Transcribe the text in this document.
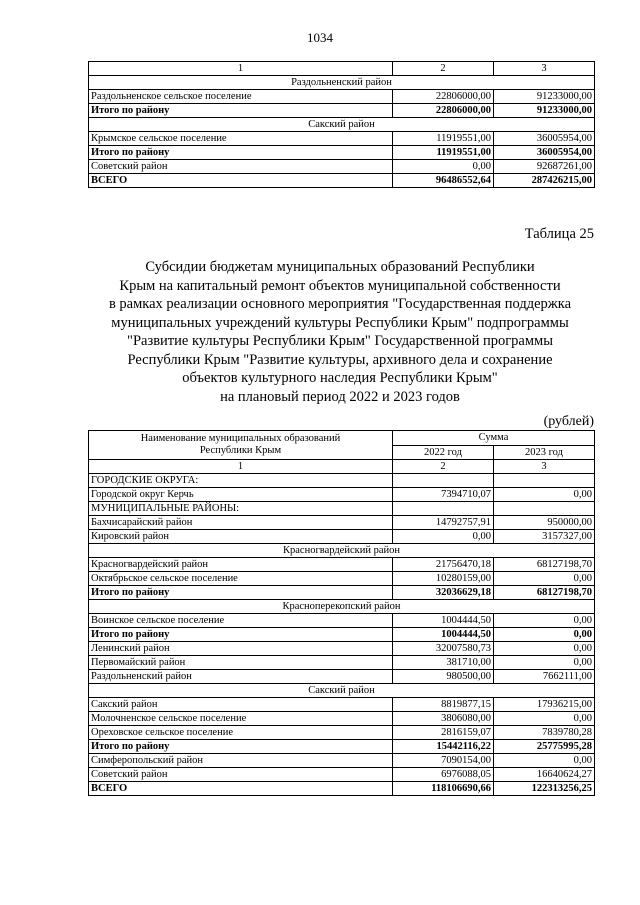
1034
1	2	3
Раздольненский район		
Раздольненское сельское поселение	22806000,00	91233000,00
Итого по району	22806000,00	91233000,00
Сакский район		
Крымское сельское поселение	11919551,00	36005954,00
Итого по району	11919551,00	36005954,00
Советский район	0,00	92687261,00
ВСЕГО	96486552,64	287426215,00
Таблица 25
Субсидии бюджетам муниципальных образований Республики
Крым на капитальный ремонт объектов муниципальной собственности
в рамках реализации основного мероприятия "Государственная поддержка
муниципальных учреждений культуры Республики Крым" подпрограммы
"Развитие культуры Республики Крым" Государственной программы
Республики Крым "Развитие культуры, архивного дела и сохранение
объектов культурного наследия Республики Крым"
на плановый период 2022 и 2023 годов
(рублей)
Наименование муниципальных образований
Республики Крым	Сумма	
	2022 год	2023 год
1	2	3
ГОРОДСКИЕ ОКРУГА:		
Городской округ Керчь	7394710,07	0,00
МУНИЦИПАЛЬНЫЕ РАЙОНЫ:		
Бахчисарайский район	14792757,91	950000,00
Кировский район	0,00	3157327,00
Красногвардейский район		
Красногвардейский район	21756470,18	68127198,70
Октябрьское сельское поселение	10280159,00	0,00
Итого по району	32036629,18	68127198,70
Красноперекопский район		
Воинское сельское поселение	1004444,50	0,00
Итого по району	1004444,50	0,00
Ленинский район	32007580,73	0,00
Первомайский район	381710,00	0,00
Раздольненский район	980500,00	7662111,00
Сакский район		
Сакский район	8819877,15	17936215,00
Молочненское сельское поселение	3806080,00	0,00
Ореховское сельское поселение	2816159,07	7839780,28
Итого по району	15442116,22	25775995,28
Симферопольский район	7090154,00	0,00
Советский район	6976088,05	16640624,27
ВСЕГО	118106690,66	122313256,25
